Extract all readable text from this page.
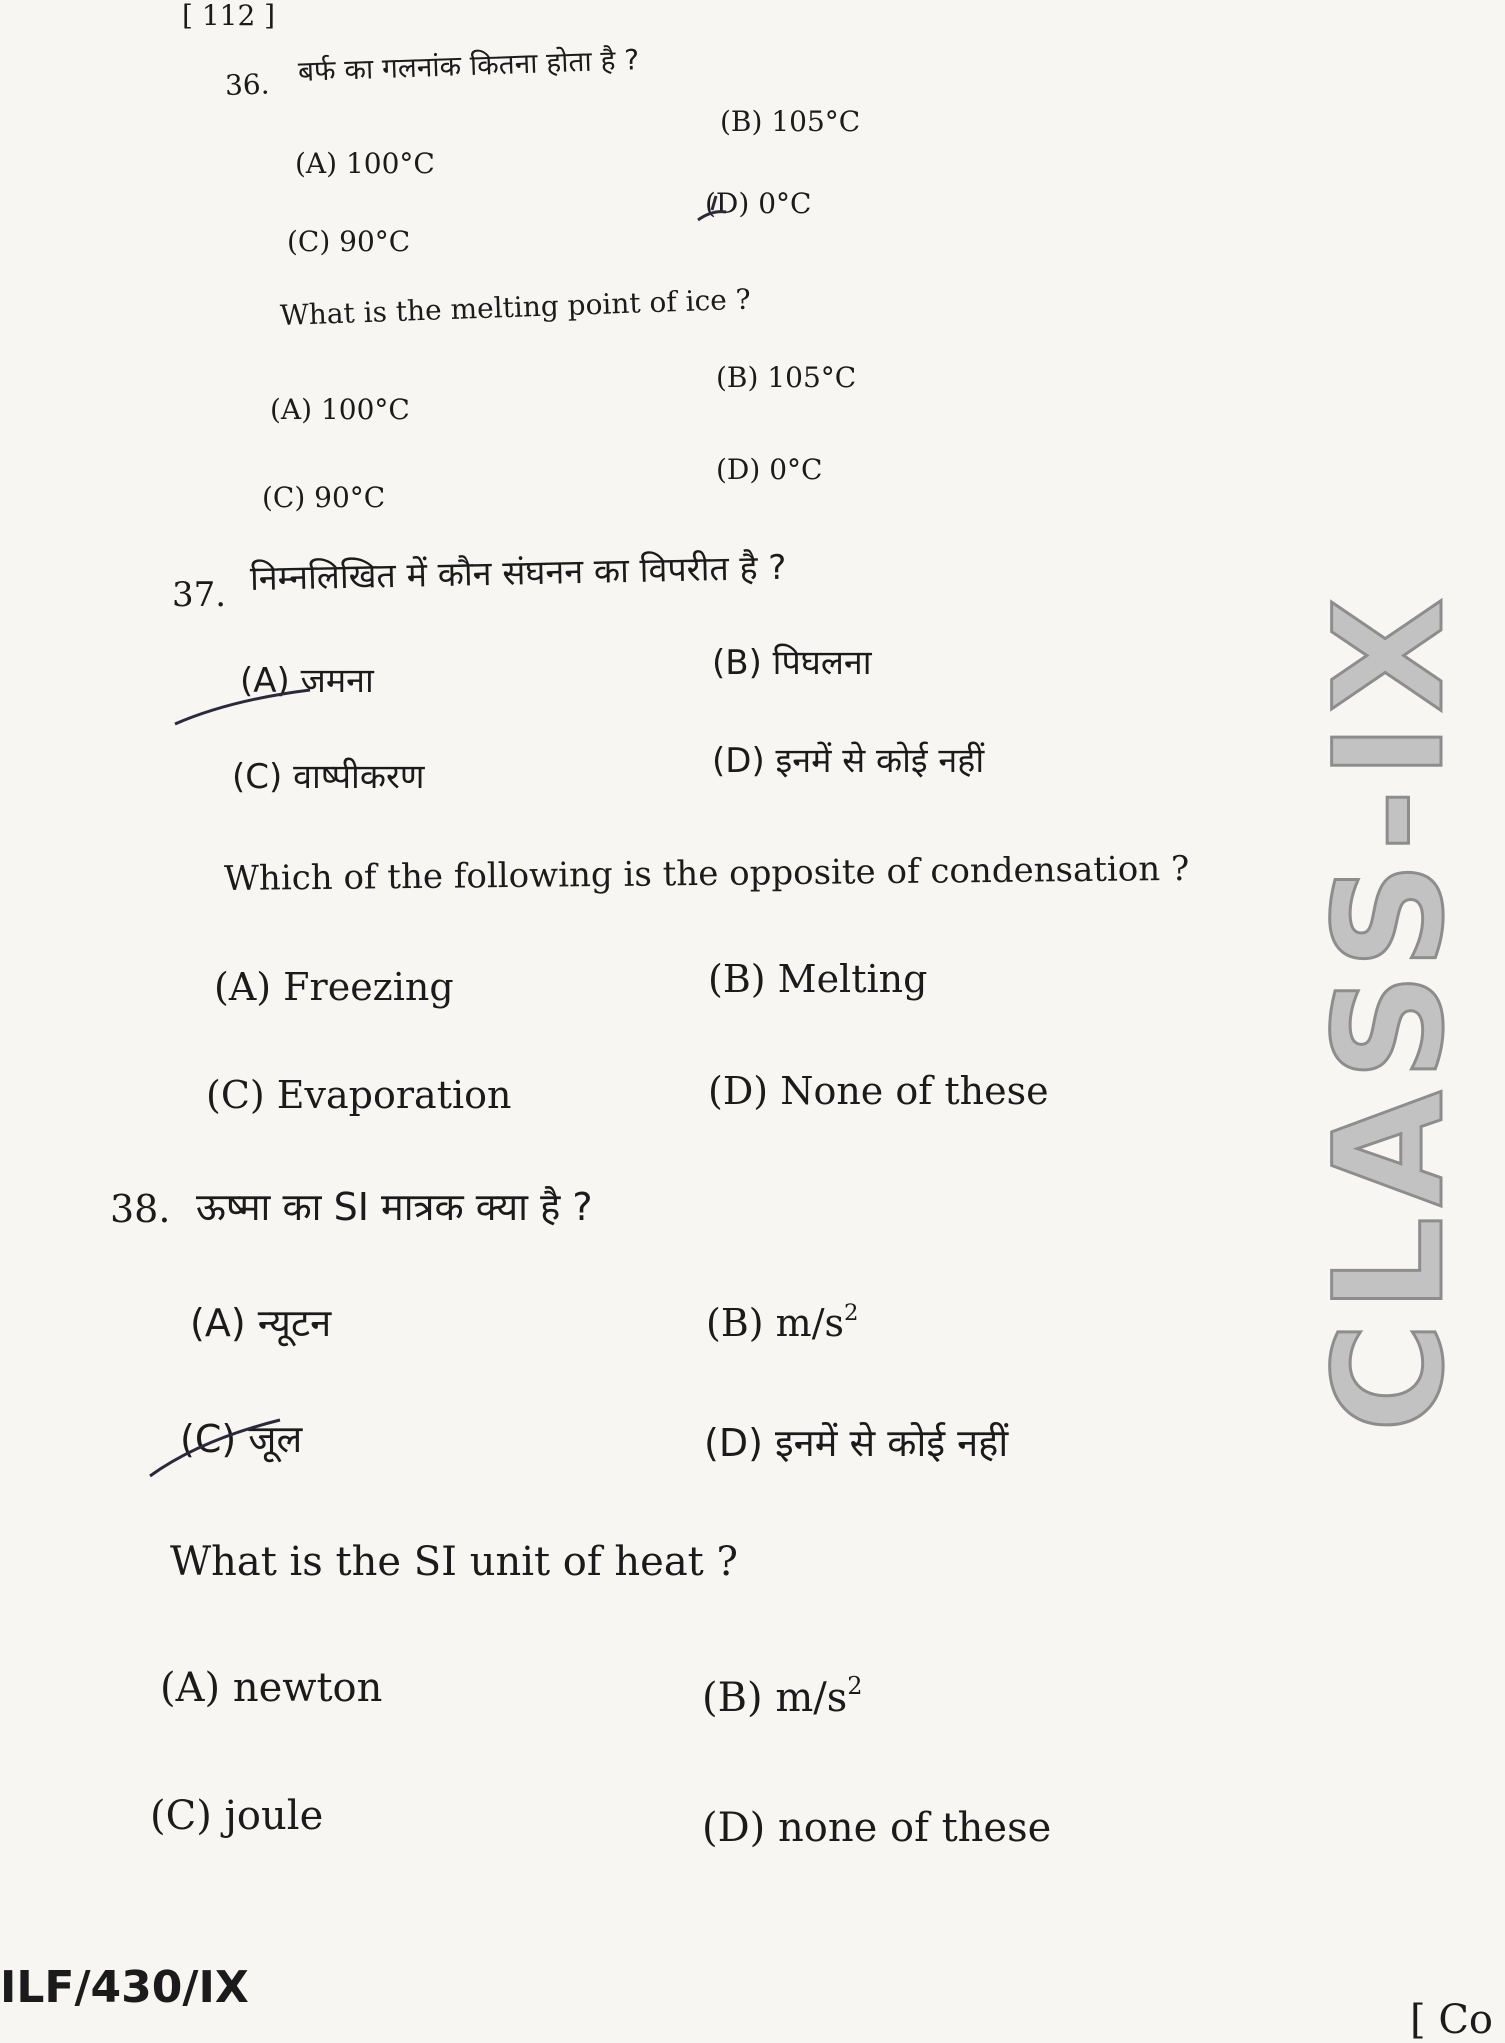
[ 112 ]
CLASS-IX
36. बर्फ का गलनांक कितना होता है ?
(B) 105°C
(A) 100°C
(D) 0°C
(C) 90°C
What is the melting point of ice ?
(B) 105°C
(A) 100°C
(D) 0°C
(C) 90°C
37. निम्नलिखित में कौन संघनन का विपरीत है ?
(A) जमना	(B) पिघलना
(C) वाष्पीकरण	(D) इनमें से कोई नहीं
Which of the following is the opposite of condensation ?
(A) Freezing	(B) Melting
(C) Evaporation	(D) None of these
38. ऊष्मा का SI मात्रक क्या है ?
(A) न्यूटन	(B) $m/s^2$
(C) जूल	(D) इनमें से कोई नहीं
What is the SI unit of heat ?
(A) newton	(B) $m/s^2$
(C) joule	(D) none of these
ILF/430/IX
[ Co
